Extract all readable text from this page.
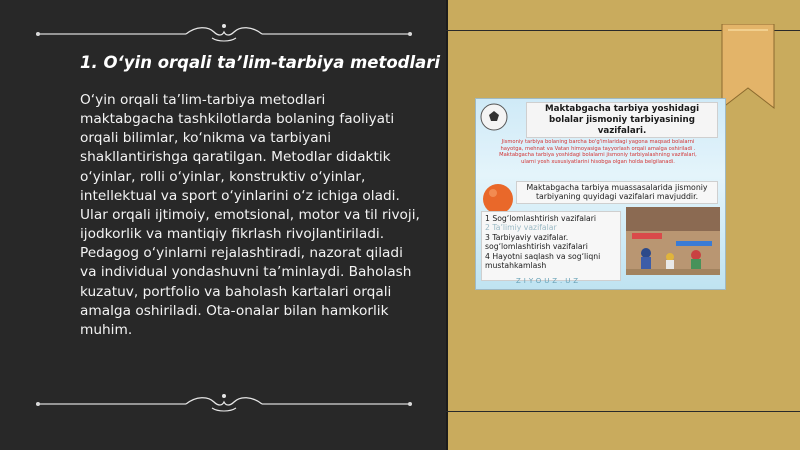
1. O‘yin orqali ta’lim-tarbiya metodlari
O‘yin orqali ta’lim-tarbiya metodlari maktabgacha tashkilotlarda bolaning faoliyati orqali bilimlar, ko‘nikma va tarbiyani shakllantirishga qaratilgan. Metodlar didaktik o‘yinlar, rolli o‘yinlar, konstruktiv o‘yinlar, intellektual va sport o‘yinlarini o‘z ichiga oladi. Ular orqali ijtimoiy, emotsional, motor va til rivoji, ijodkorlik va mantiqiy fikrlash rivojlantiriladi. Pedagog o‘yinlarni rejalashtiradi, nazorat qiladi va individual yondashuvni ta’minlaydi. Baholash kuzatuv, portfolio va baholash kartalari orqali amalga oshiriladi. Ota-onalar bilan hamkorlik muhim.
Maktabgacha tarbiya yoshidagi bolalar jismoniy tarbiyasining vazifalari.
Jismoniy tarbiya bolaning barcha bo'g'imlaridagi yagona maqsad bolalarni hayotga, mehnat va Vatan himoyasiga tayyorlash orqali amalga oshiriladi . Maktabgacha tarbiya yoshidagi bolalarni jismoniy tarbiyalashning vazifalari, ularni yosh xususiyatlarini hisobga olgan holda belgilanadi.
Maktabgacha tarbiya muassasalarida jismoniy tarbiyaning quyidagi vazifalari mavjuddir.
1 Sog‘lomlashtirish vazifalari
2 Ta’limiy vazifalar
3 Tarbiyaviy vazifalar.
sog‘lomlashtirish vazifalari
4 Hayotni saqlash va sog‘liqni
mustahkamlash
ZIYOUZ.UZ
